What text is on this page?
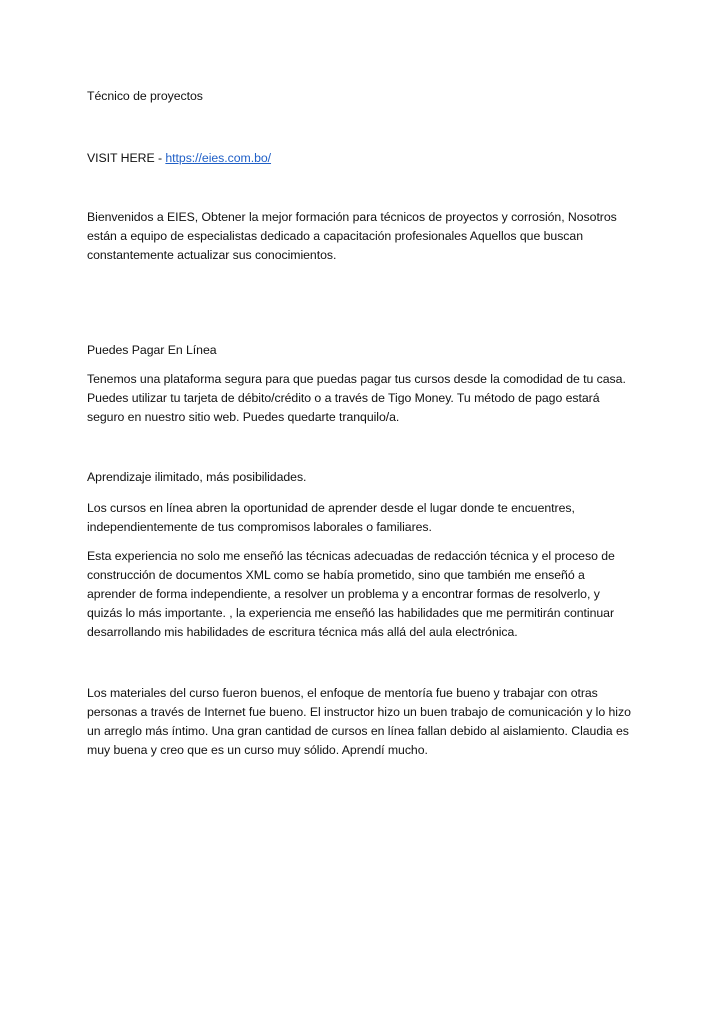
Técnico de proyectos

VISIT HERE - https://eies.com.bo/

Bienvenidos a EIES, Obtener la mejor formación para técnicos de proyectos y corrosión, Nosotros
están a equipo de especialistas dedicado a capacitación profesionales Aquellos que buscan
constantemente actualizar sus conocimientos.

Puedes Pagar En Línea

Tenemos una plataforma segura para que puedas pagar tus cursos desde la comodidad de tu casa.
Puedes utilizar tu tarjeta de débito/crédito o a través de Tigo Money. Tu método de pago estará
seguro en nuestro sitio web. Puedes quedarte tranquilo/a.

Aprendizaje ilimitado, más posibilidades.

Los cursos en línea abren la oportunidad de aprender desde el lugar donde te encuentres,
independientemente de tus compromisos laborales o familiares.

Esta experiencia no solo me enseñó las técnicas adecuadas de redacción técnica y el proceso de
construcción de documentos XML como se había prometido, sino que también me enseñó a
aprender de forma independiente, a resolver un problema y a encontrar formas de resolverlo, y
quizás lo más importante. , la experiencia me enseñó las habilidades que me permitirán continuar
desarrollando mis habilidades de escritura técnica más allá del aula electrónica.

Los materiales del curso fueron buenos, el enfoque de mentoría fue bueno y trabajar con otras
personas a través de Internet fue bueno. El instructor hizo un buen trabajo de comunicación y lo hizo
un arreglo más íntimo. Una gran cantidad de cursos en línea fallan debido al aislamiento. Claudia es
muy buena y creo que es un curso muy sólido. Aprendí mucho.
